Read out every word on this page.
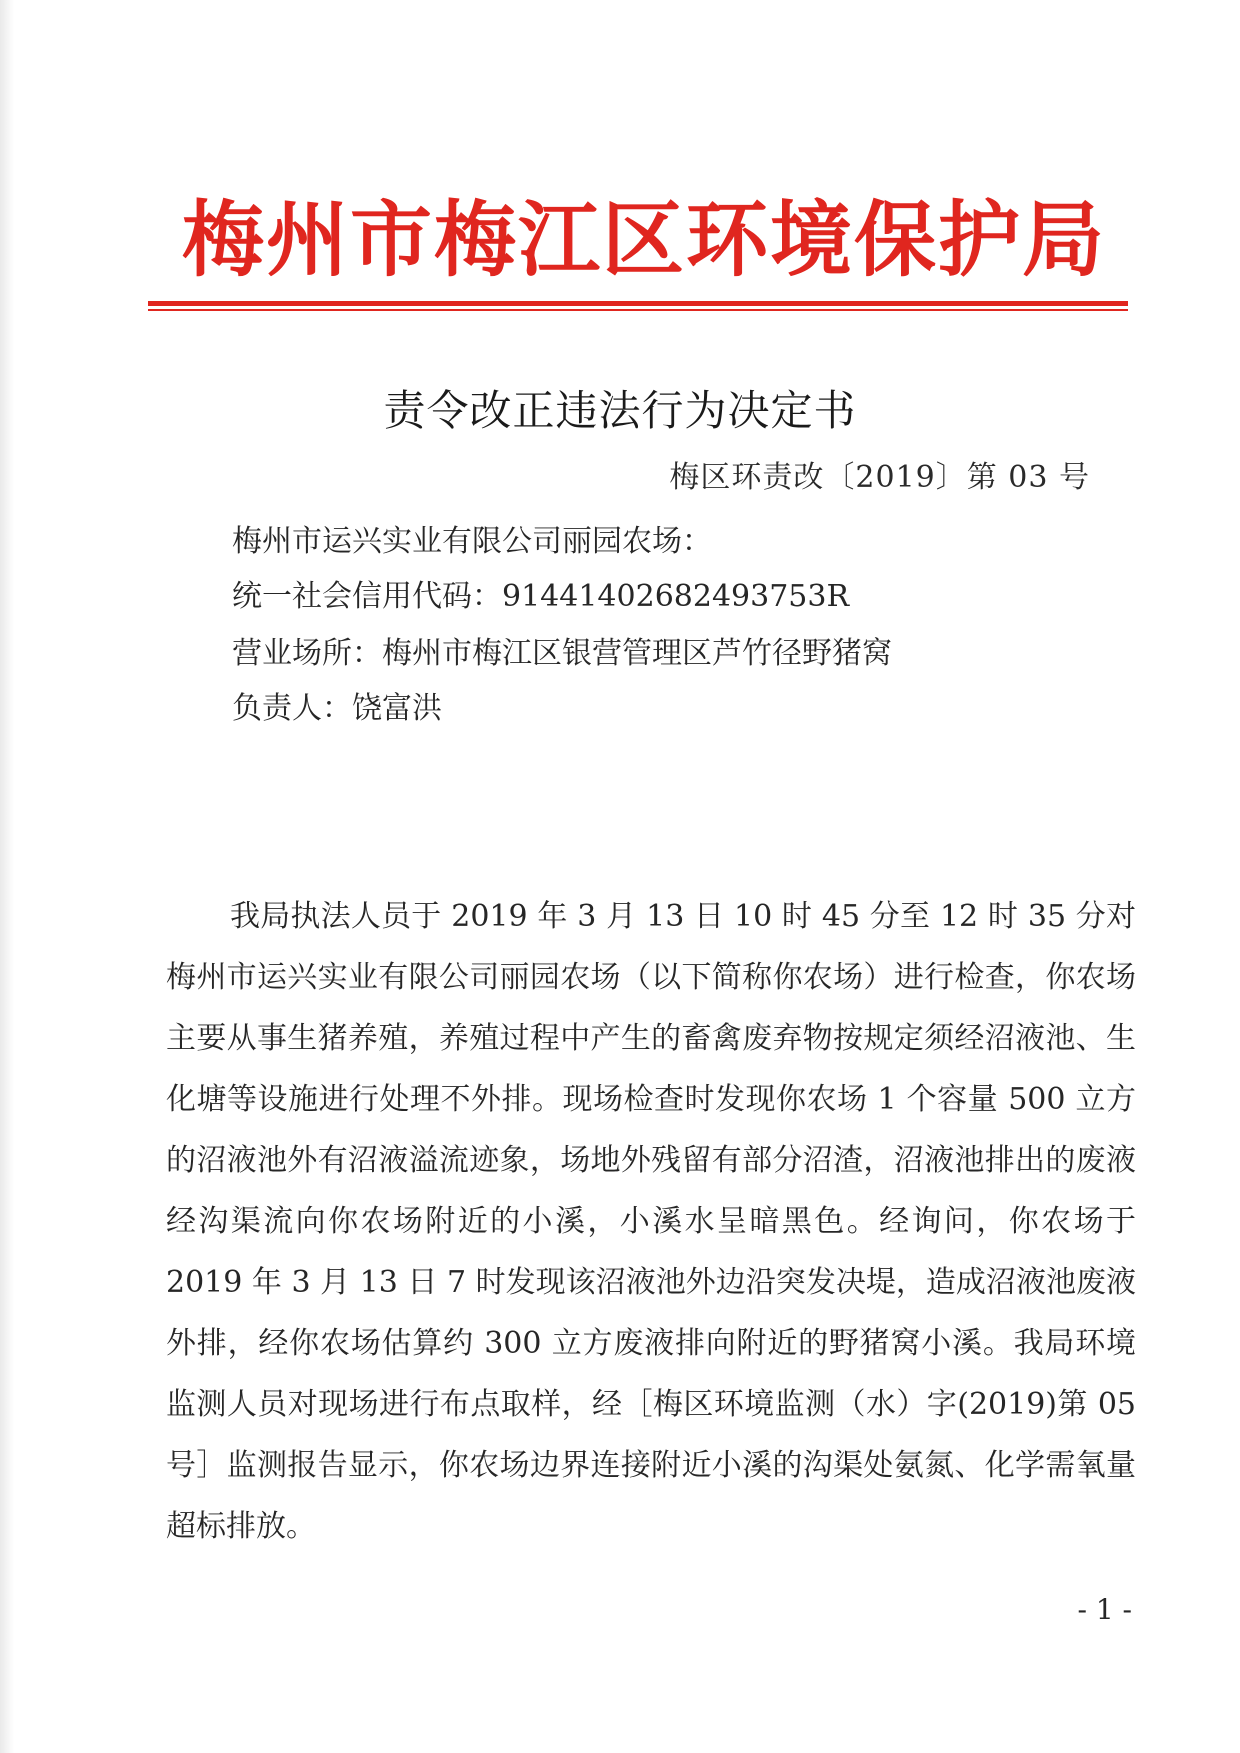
梅州市梅江区环境保护局
责令改正违法行为决定书
梅区环责改〔2019〕第 03 号
梅州市运兴实业有限公司丽园农场：
统一社会信用代码：91441402682493753R
营业场所：梅州市梅江区银营管理区芦竹径野猪窝
负责人：饶富洪
我局执法人员于 2019 年 3 月 13 日 10 时 45 分至 12 时 35 分对梅州市运兴实业有限公司丽园农场（以下简称你农场）进行检查，你农场主要从事生猪养殖，养殖过程中产生的畜禽废弃物按规定须经沼液池、生化塘等设施进行处理不外排。现场检查时发现你农场 1 个容量 500 立方的沼液池外有沼液溢流迹象，场地外残留有部分沼渣，沼液池排出的废液经沟渠流向你农场附近的小溪，小溪水呈暗黑色。经询问，你农场于 2019 年 3 月 13 日 7 时发现该沼液池外边沿突发决堤，造成沼液池废液外排，经你农场估算约 300 立方废液排向附近的野猪窝小溪。我局环境监测人员对现场进行布点取样，经［梅区环境监测（水）字(2019)第 05 号］监测报告显示，你农场边界连接附近小溪的沟渠处氨氮、化学需氧量超标排放。
- 1 -
